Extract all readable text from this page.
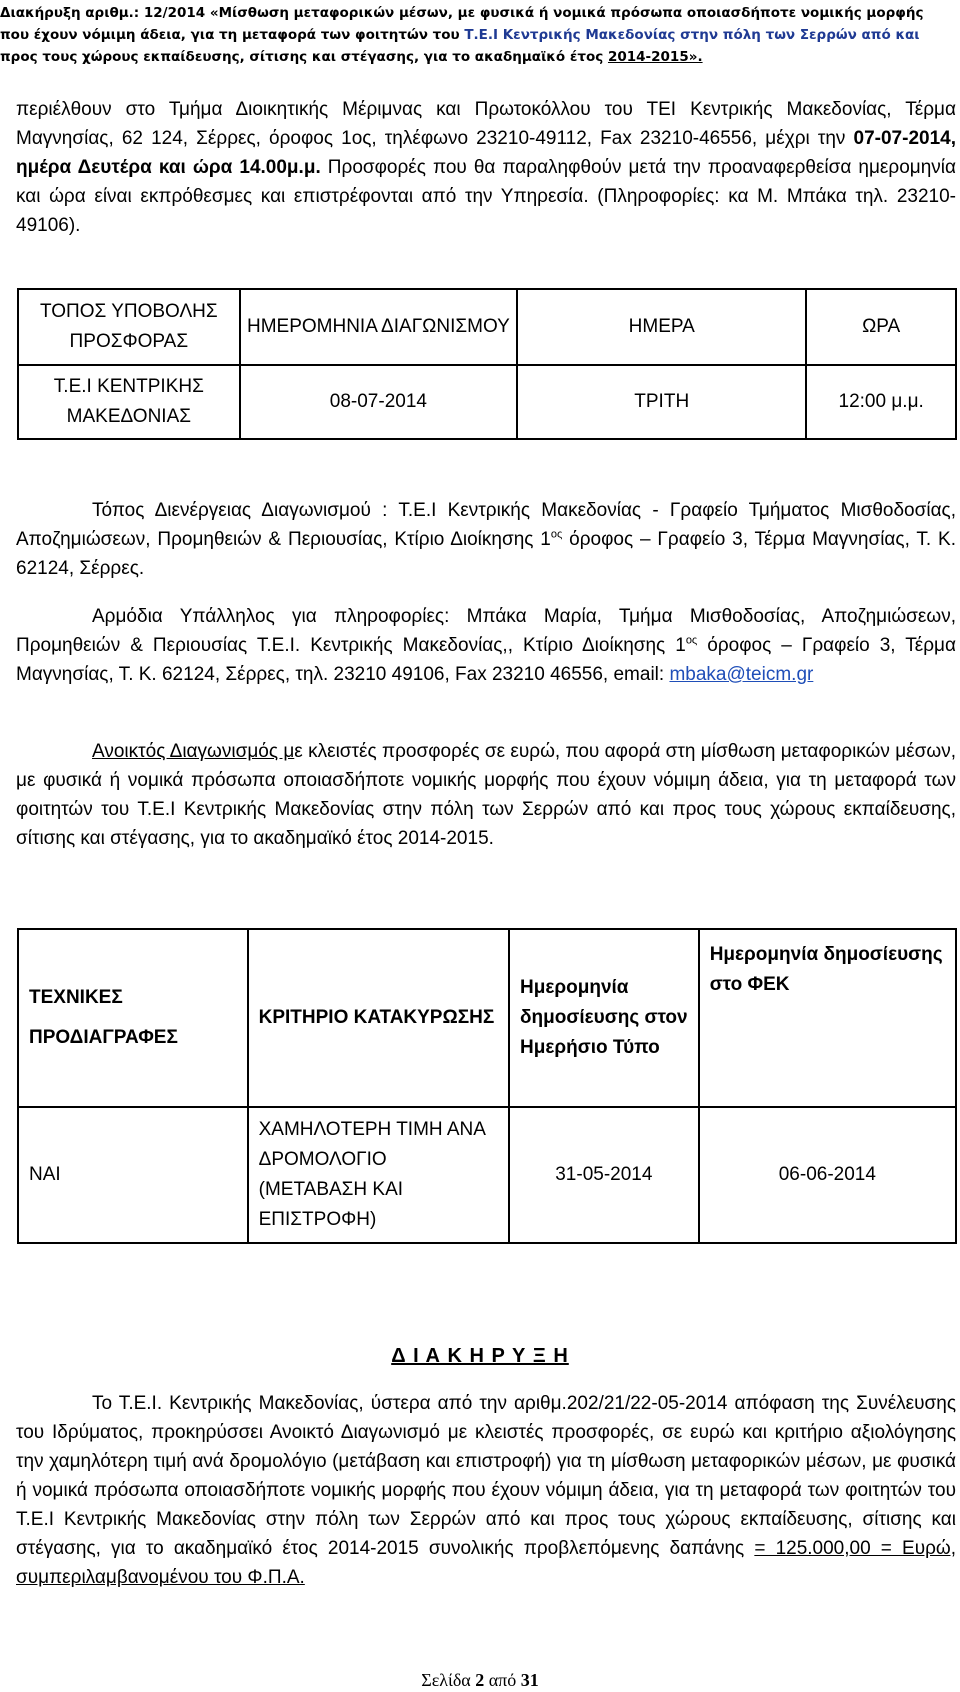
Διακήρυξη αριθμ.: 12/2014 «Μίσθωση μεταφορικών μέσων, με φυσικά ή νομικά πρόσωπα οποιασδήποτε νομικής μορφής
που έχουν νόμιμη άδεια, για τη μεταφορά των φοιτητών του Τ.Ε.Ι Κεντρικής Μακεδονίας στην πόλη των Σερρών από και
προς τους χώρους εκπαίδευσης, σίτισης και στέγασης, για το ακαδημαϊκό έτος 2014-2015».

περιέλθουν στο Τμήμα Διοικητικής Μέριμνας και Πρωτοκόλλου του ΤΕΙ Κεντρικής Μακεδονίας, Τέρμα Μαγνησίας, 62 124, Σέρρες, όροφος 1ος, τηλέφωνο 23210-49112, Fax 23210-46556, μέχρι την 07-07-2014, ημέρα Δευτέρα και ώρα 14.00μ.μ. Προσφορές που θα παραληφθούν μετά την προαναφερθείσα ημερομηνία και ώρα είναι εκπρόθεσμες και επιστρέφονται από την Υπηρεσία. (Πληροφορίες: κα Μ. Μπάκα τηλ. 23210-49106).

ΤΟΠΟΣ ΥΠΟΒΟΛΗΣ ΠΡΟΣΦΟΡΑΣ	ΗΜΕΡΟΜΗΝΙΑ ΔΙΑΓΩΝΙΣΜΟΥ	ΗΜΕΡΑ	ΩΡΑ
Τ.Ε.Ι ΚΕΝΤΡΙΚΗΣ ΜΑΚΕΔΟΝΙΑΣ	08-07-2014	ΤΡΙΤΗ	12:00 μ.μ.

Τόπος Διενέργειας Διαγωνισμού : Τ.Ε.Ι Κεντρικής Μακεδονίας - Γραφείο Τμήματος Μισθοδοσίας, Αποζημιώσεων, Προμηθειών & Περιουσίας, Κτίριο Διοίκησης $1^{o\varsigma}$ όροφος – Γραφείο 3, Τέρμα Μαγνησίας, Τ. Κ. 62124, Σέρρες.

Αρμόδια Υπάλληλος για πληροφορίες: Μπάκα Μαρία, Τμήμα Μισθοδοσίας, Αποζημιώσεων, Προμηθειών & Περιουσίας Τ.Ε.Ι. Κεντρικής Μακεδονίας,, Κτίριο Διοίκησης $1^{o\varsigma}$ όροφος – Γραφείο 3, Τέρμα Μαγνησίας, Τ. Κ. 62124, Σέρρες, τηλ. 23210 49106, Fax 23210 46556, email: mbaka@teicm.gr

Ανοικτός Διαγωνισμός με κλειστές προσφορές σε ευρώ, που αφορά στη μίσθωση μεταφορικών μέσων, με φυσικά ή νομικά πρόσωπα οποιασδήποτε νομικής μορφής που έχουν νόμιμη άδεια, για τη μεταφορά των φοιτητών του Τ.Ε.Ι Κεντρικής Μακεδονίας στην πόλη των Σερρών από και προς τους χώρους εκπαίδευσης, σίτισης και στέγασης, για το ακαδημαϊκό έτος 2014-2015.

ΤΕΧΝΙΚΕΣ ΠΡΟΔΙΑΓΡΑΦΕΣ	ΚΡΙΤΗΡΙΟ ΚΑΤΑΚΥΡΩΣΗΣ	Ημερομηνία δημοσίευσης στον Ημερήσιο Τύπο	Ημερομηνία δημοσίευσης στο ΦΕΚ
ΝΑΙ	ΧΑΜΗΛΟΤΕΡΗ ΤΙΜΗ ΑΝΑ ΔΡΟΜΟΛΟΓΙΟ (ΜΕΤΑΒΑΣΗ ΚΑΙ ΕΠΙΣΤΡΟΦΗ)	31-05-2014	06-06-2014
Δ Ι Α Κ Η Ρ Υ Ξ Η

Το Τ.Ε.Ι. Κεντρικής Μακεδονίας, ύστερα από την αριθμ.202/21/22-05-2014 απόφαση της Συνέλευσης του Ιδρύματος, προκηρύσσει Ανοικτό Διαγωνισμό με κλειστές προσφορές, σε ευρώ και κριτήριο αξιολόγησης την χαμηλότερη τιμή ανά δρομολόγιο (μετάβαση και επιστροφή) για τη μίσθωση μεταφορικών μέσων, με φυσικά ή νομικά πρόσωπα οποιασδήποτε νομικής μορφής που έχουν νόμιμη άδεια, για τη μεταφορά των φοιτητών του Τ.Ε.Ι Κεντρικής Μακεδονίας στην πόλη των Σερρών από και προς τους χώρους εκπαίδευσης, σίτισης και στέγασης, για το ακαδημαϊκό έτος 2014-2015 συνολικής προβλεπόμενης δαπάνης = 125.000,00 = Ευρώ, συμπεριλαμβανομένου του Φ.Π.Α.

Σελίδα 2 από 31
